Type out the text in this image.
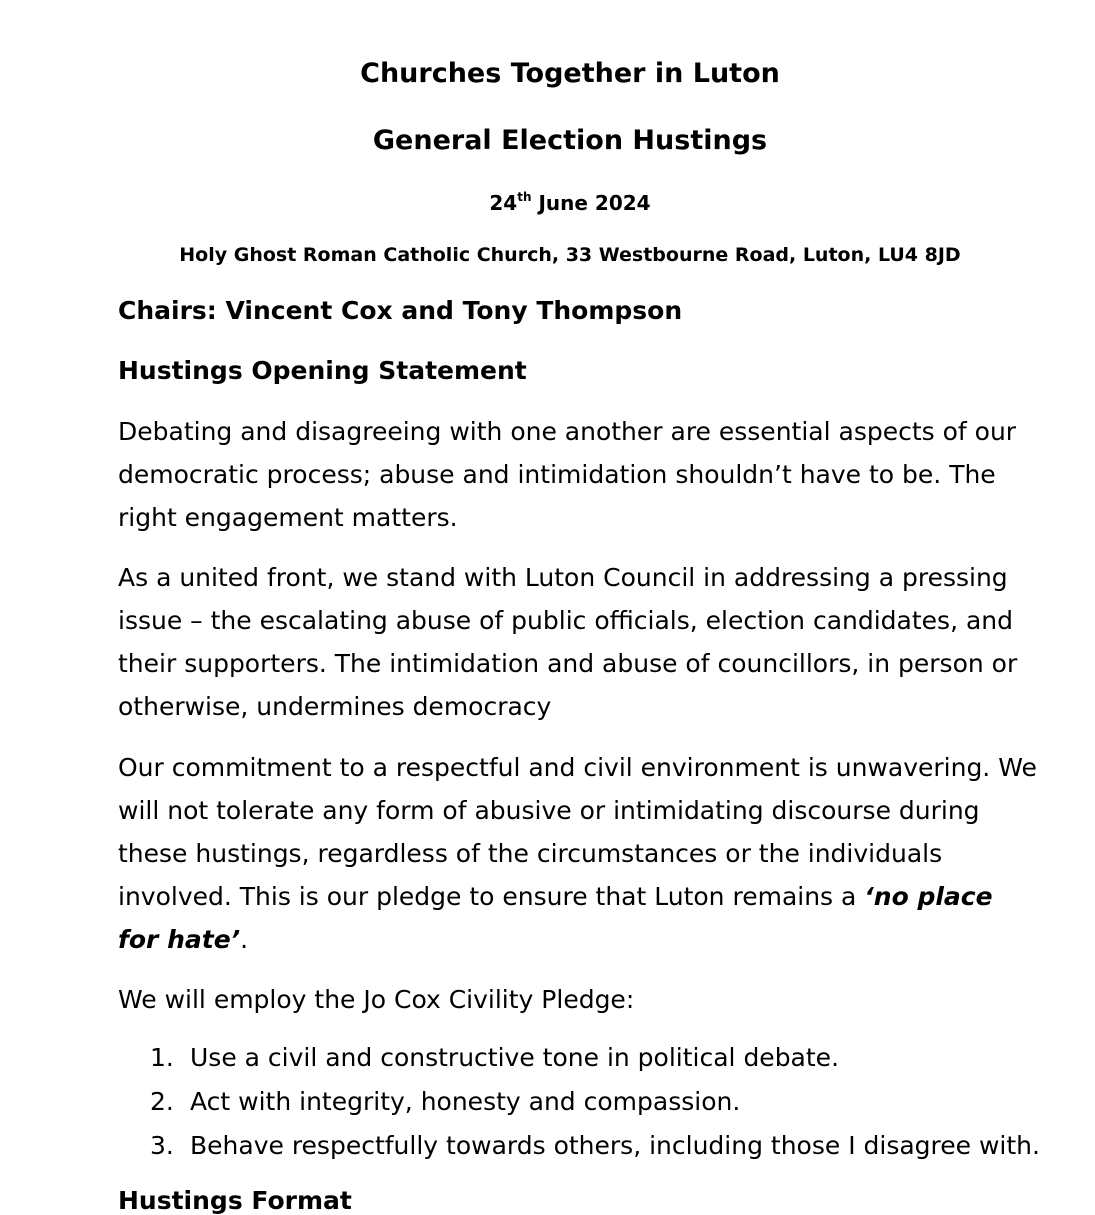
Churches Together in Luton
General Election Hustings
24th June 2024
Holy Ghost Roman Catholic Church, 33 Westbourne Road, Luton, LU4 8JD
Chairs: Vincent Cox and Tony Thompson
Hustings Opening Statement
Debating and disagreeing with one another are essential aspects of our democratic process; abuse and intimidation shouldn’t have to be. The right engagement matters.
As a united front, we stand with Luton Council in addressing a pressing issue – the escalating abuse of public officials, election candidates, and their supporters. The intimidation and abuse of councillors, in person or otherwise, undermines democracy
Our commitment to a respectful and civil environment is unwavering. We will not tolerate any form of abusive or intimidating discourse during these hustings, regardless of the circumstances or the individuals involved. This is our pledge to ensure that Luton remains a ‘no place for hate’.
We will employ the Jo Cox Civility Pledge:
1. Use a civil and constructive tone in political debate.
2. Act with integrity, honesty and compassion.
3. Behave respectfully towards others, including those I disagree with.
Hustings Format
